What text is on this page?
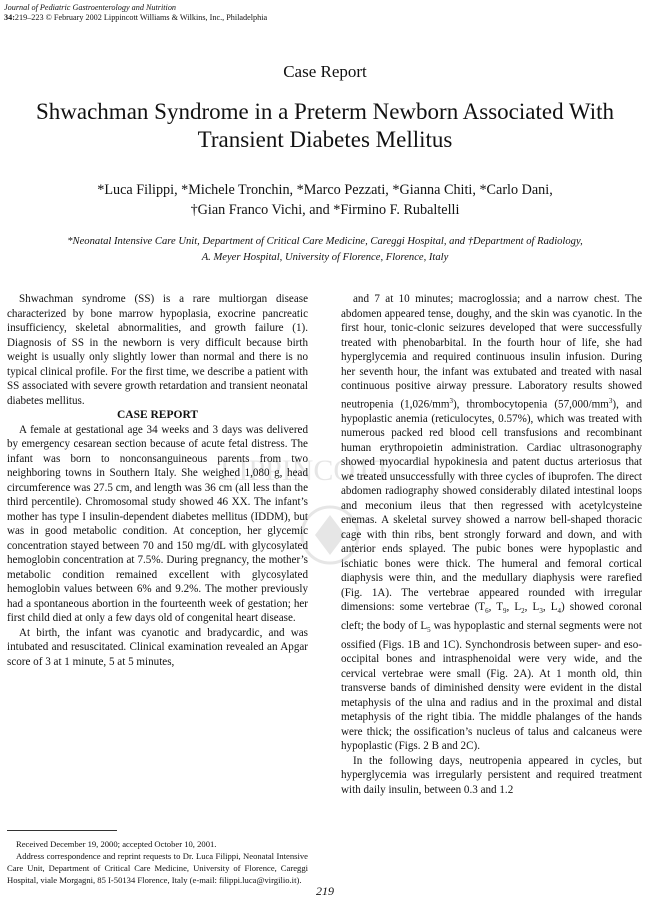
Journal of Pediatric Gastroenterology and Nutrition
34:219–223 © February 2002 Lippincott Williams & Wilkins, Inc., Philadelphia
Case Report
Shwachman Syndrome in a Preterm Newborn Associated With
Transient Diabetes Mellitus
*Luca Filippi, *Michele Tronchin, *Marco Pezzati, *Gianna Chiti, *Carlo Dani,
†Gian Franco Vichi, and *Firmino F. Rubaltelli
*Neonatal Intensive Care Unit, Department of Critical Care Medicine, Careggi Hospital, and †Department of Radiology,
A. Meyer Hospital, University of Florence, Florence, Italy
LIPPINCOTT

Shwachman syndrome (SS) is a rare multiorgan disease characterized by bone marrow hypoplasia, exocrine pancreatic insufficiency, skeletal abnormalities, and growth failure (1). Diagnosis of SS in the newborn is very difficult because birth weight is usually only slightly lower than normal and there is no typical clinical profile. For the first time, we describe a patient with SS associated with severe growth retardation and transient neonatal diabetes mellitus.

CASE REPORT

A female at gestational age 34 weeks and 3 days was delivered by emergency cesarean section because of acute fetal distress. The infant was born to nonconsanguineous parents from two neighboring towns in Southern Italy. She weighed 1,080 g, head circumference was 27.5 cm, and length was 36 cm (all less than the third percentile). Chromosomal study showed 46 XX. The infant’s mother has type I insulin-dependent diabetes mellitus (IDDM), but was in good metabolic condition. At conception, her glycemic concentration stayed between 70 and 150 mg/dL with glycosylated hemoglobin concentration at 7.5%. During pregnancy, the mother’s metabolic condition remained excellent with glycosylated hemoglobin values between 6% and 9.2%. The mother previously had a spontaneous abortion in the fourteenth week of gestation; her first child died at only a few days old of congenital heart disease.

At birth, the infant was cyanotic and bradycardic, and was intubated and resuscitated. Clinical examination revealed an Apgar score of 3 at 1 minute, 5 at 5 minutes,

and 7 at 10 minutes; macroglossia; and a narrow chest. The abdomen appeared tense, doughy, and the skin was cyanotic. In the first hour, tonic-clonic seizures developed that were successfully treated with phenobarbital. In the fourth hour of life, she had hyperglycemia and required continuous insulin infusion. During her seventh hour, the infant was extubated and treated with nasal continuous positive airway pressure. Laboratory results showed neutropenia $(1,026/mm^3)$, thrombocytopenia $(57,000/mm^3)$, and hypoplastic anemia (reticulocytes, 0.57%), which was treated with numerous packed red blood cell transfusions and recombinant human erythropoietin administration. Cardiac ultrasonography showed myocardial hypokinesia and patent ductus arteriosus that we treated unsuccessfully with three cycles of ibuprofen. The direct abdomen radiography showed considerably dilated intestinal loops and meconium ileus that then regressed with acetylcysteine enemas. A skeletal survey showed a narrow bell-shaped thoracic cage with thin ribs, bent strongly forward and down, and with anterior ends splayed. The pubic bones were hypoplastic and ischiatic bones were thick. The humeral and femoral cortical diaphysis were thin, and the medullary diaphysis were rarefied (Fig. 1A). The vertebrae appeared rounded with irregular dimensions: some vertebrae ($T_6$, $T_9$, $L_2$, $L_3$, $L_4$) showed coronal cleft; the body of $L_5$ was hypoplastic and sternal segments were not ossified (Figs. 1B and 1C). Synchondrosis between super- and eso-occipital bones and intrasphenoidal were very wide, and the cervical vertebrae were small (Fig. 2A). At 1 month old, thin transverse bands of diminished density were evident in the distal metaphysis of the ulna and radius and in the proximal and distal metaphysis of the right tibia. The middle phalanges of the hands were thick; the ossification’s nucleus of talus and calcaneus were hypoplastic (Figs. 2 B and 2C).

In the following days, neutropenia appeared in cycles, but hyperglycemia was irregularly persistent and required treatment with daily insulin, between 0.3 and 1.2

Received December 19, 2000; accepted October 10, 2001.

Address correspondence and reprint requests to Dr. Luca Filippi, Neonatal Intensive Care Unit, Department of Critical Care Medicine, University of Florence, Careggi Hospital, viale Morgagni, 85 I-50134 Florence, Italy (e-mail: filippi.luca@virgilio.it).

219
